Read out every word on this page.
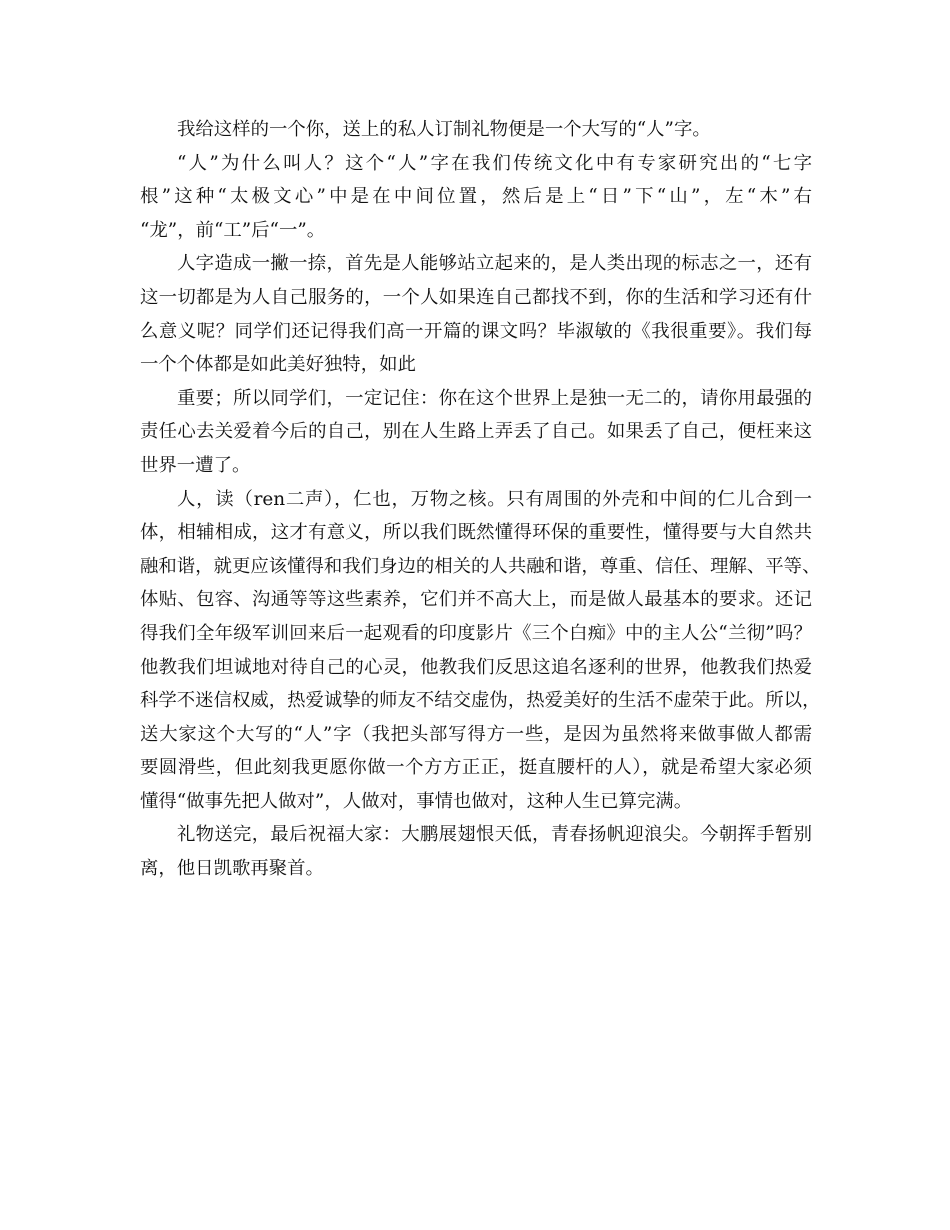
我给这样的一个你，送上的私人订制礼物便是一个大写的“人”字。
“人”为什么叫人？这个“人”字在我们传统文化中有专家研究出的“七字
根”这种“太极文心”中是在中间位置，然后是上“日”下“山”，左“木”右
“龙”，前“工”后“一”。
人字造成一撇一捺，首先是人能够站立起来的，是人类出现的标志之一，还有
这一切都是为人自己服务的，一个人如果连自己都找不到，你的生活和学习还有什
么意义呢？同学们还记得我们高一开篇的课文吗？毕淑敏的《我很重要》。我们每
一个个体都是如此美好独特，如此
重要；所以同学们，一定记住：你在这个世界上是独一无二的，请你用最强的
责任心去关爱着今后的自己，别在人生路上弄丢了自己。如果丢了自己，便枉来这
世界一遭了。
人，读（ren二声），仁也，万物之核。只有周围的外壳和中间的仁儿合到一
体，相辅相成，这才有意义，所以我们既然懂得环保的重要性，懂得要与大自然共
融和谐，就更应该懂得和我们身边的相关的人共融和谐，尊重、信任、理解、平等、
体贴、包容、沟通等等这些素养，它们并不高大上，而是做人最基本的要求。还记
得我们全年级军训回来后一起观看的印度影片《三个白痴》中的主人公“兰彻”吗？
他教我们坦诚地对待自己的心灵，他教我们反思这追名逐利的世界，他教我们热爱
科学不迷信权威，热爱诚挚的师友不结交虚伪，热爱美好的生活不虚荣于此。所以，
送大家这个大写的“人”字（我把头部写得方一些，是因为虽然将来做事做人都需
要圆滑些，但此刻我更愿你做一个方方正正，挺直腰杆的人），就是希望大家必须
懂得“做事先把人做对”，人做对，事情也做对，这种人生已算完满。
礼物送完，最后祝福大家：大鹏展翅恨天低，青春扬帆迎浪尖。今朝挥手暂别
离，他日凯歌再聚首。
